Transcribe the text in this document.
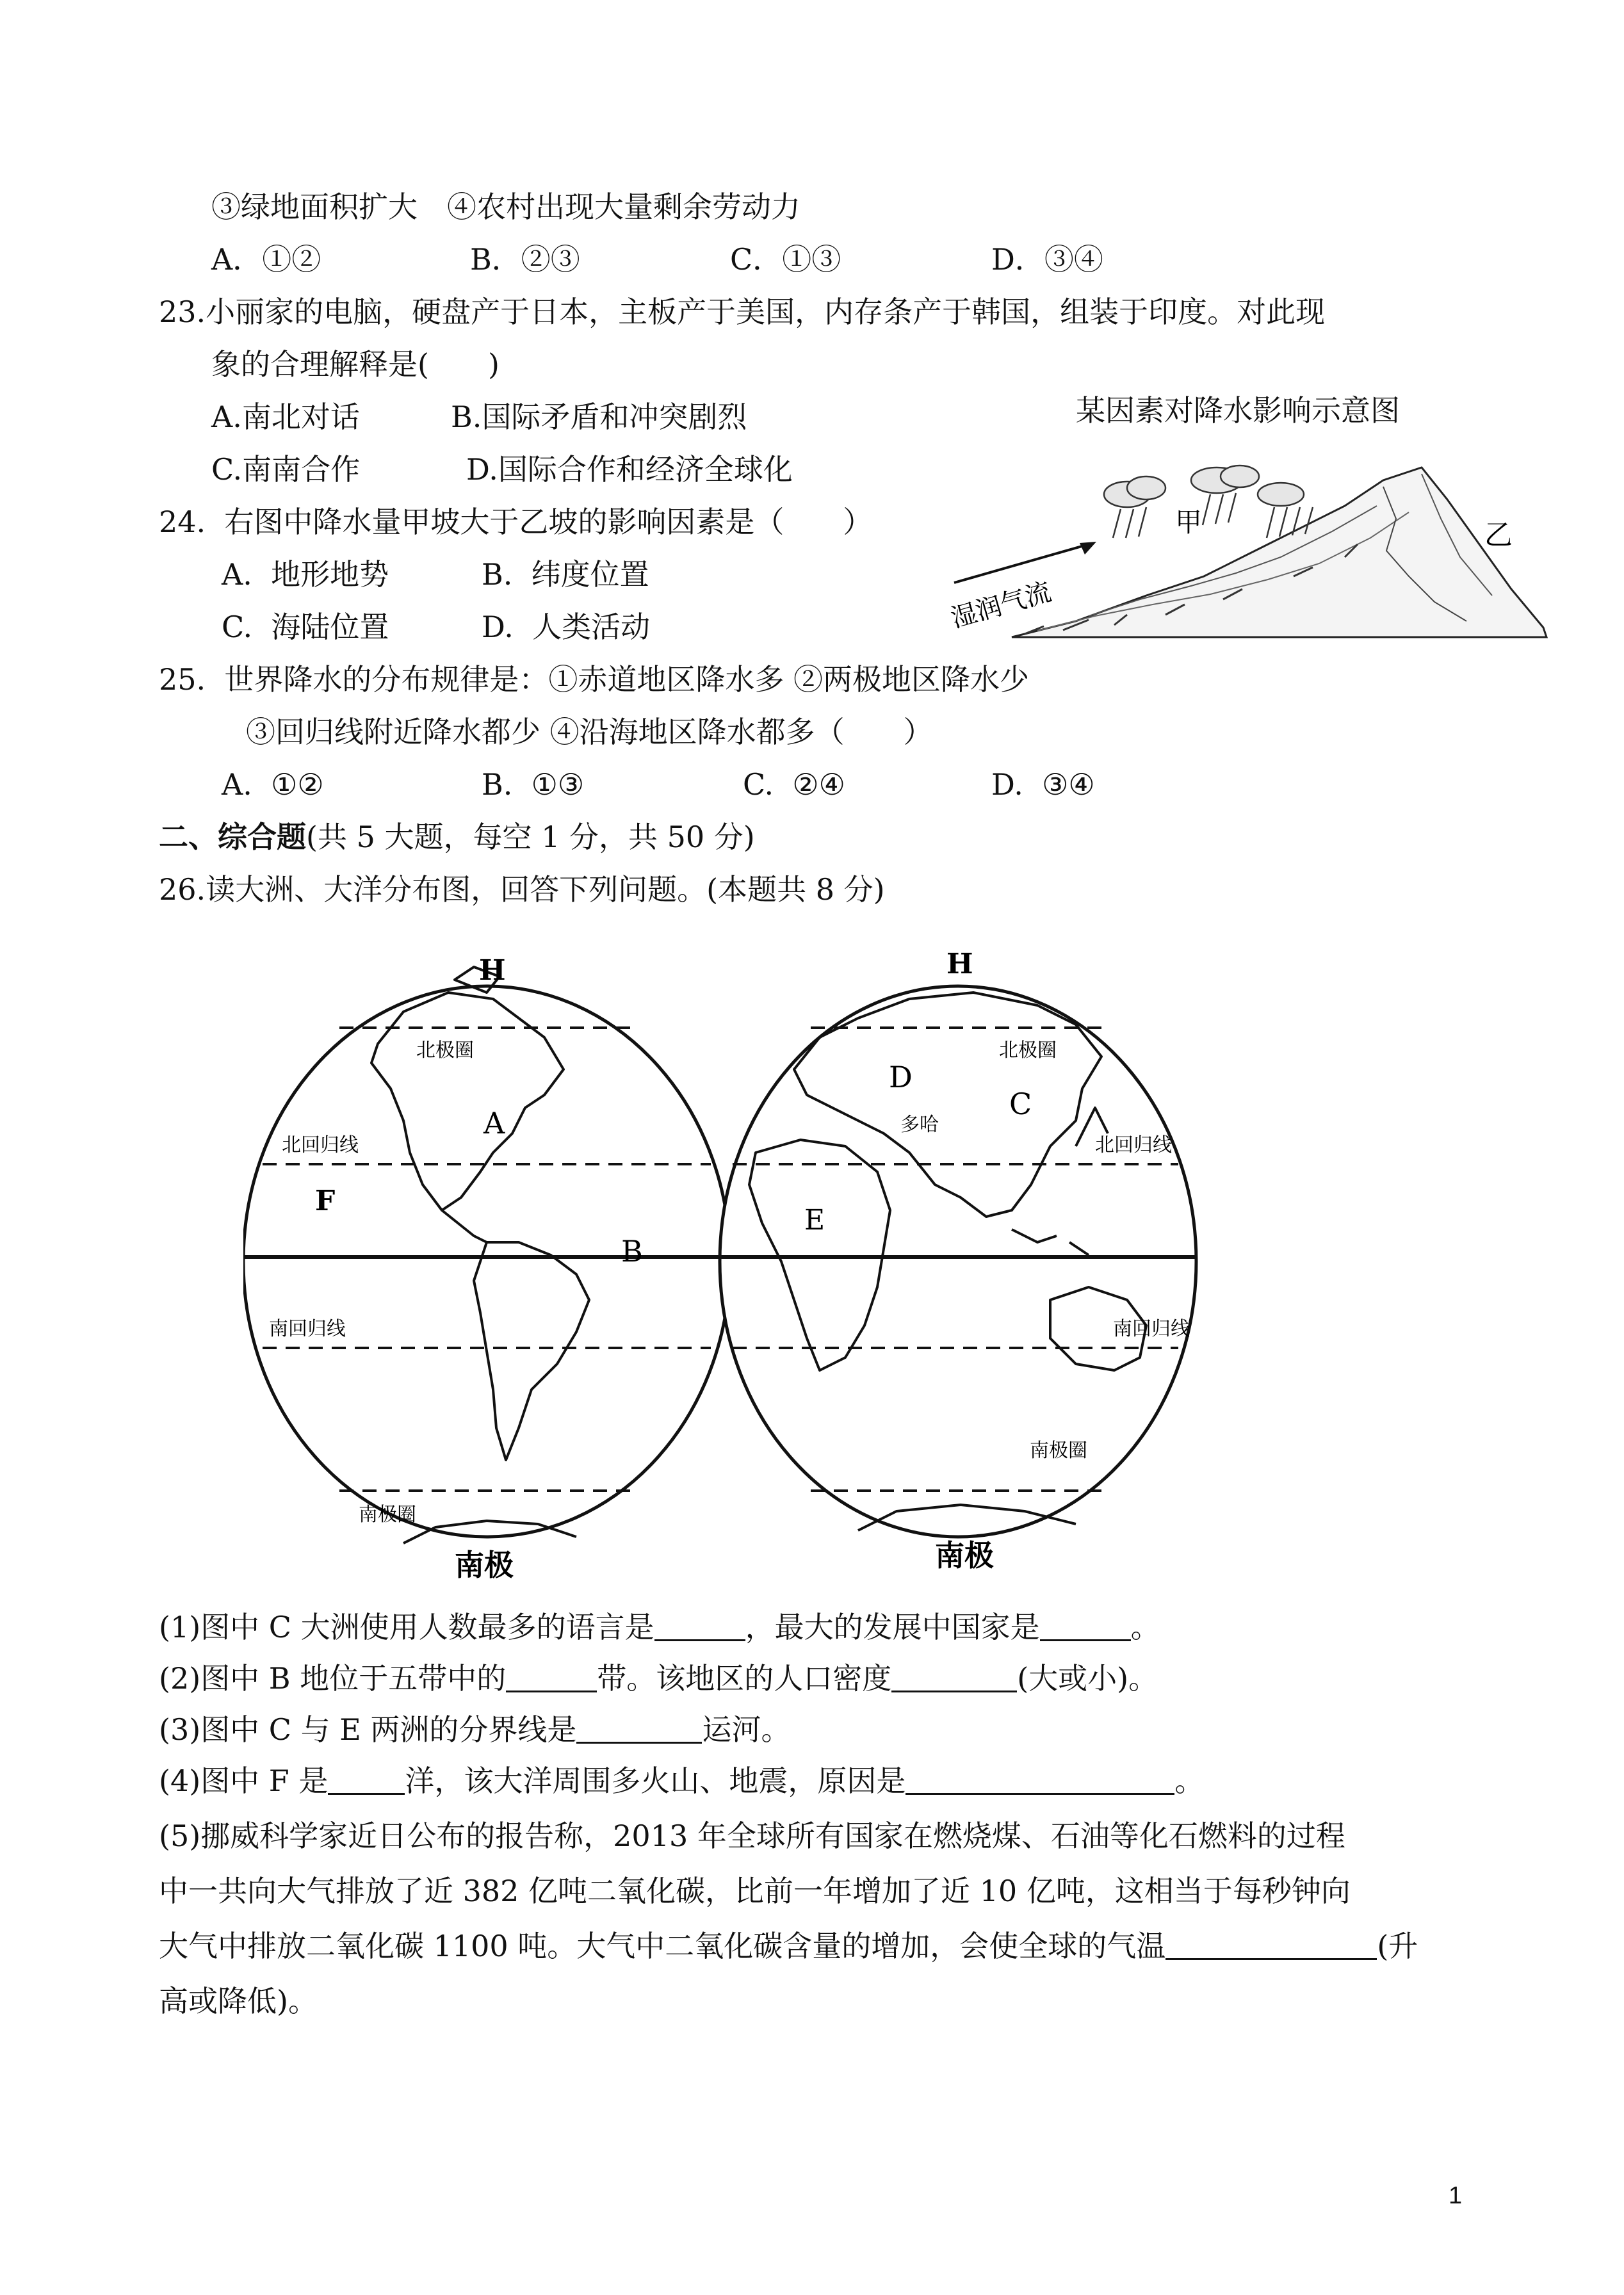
③绿地面积扩大　④农村出现大量剩余劳动力
A．①②	B．②③	C．①③	D．③④
23.小丽家的电脑，硬盘产于日本，主板产于美国，内存条产于韩国，组装于印度。对此现
象的合理解释是(　　)
A.南北对话	B.国际矛盾和冲突剧烈
C.南南合作	D.国际合作和经济全球化
24.  右图中降水量甲坡大于乙坡的影响因素是（　　）
A.  地形地势	B.  纬度位置
C.  海陆位置	D.  人类活动
某因素对降水影响示意图
湿润气流
甲	乙
25.  世界降水的分布规律是：①赤道地区降水多 ②两极地区降水少
③回归线附近降水都少 ④沿海地区降水都多（　　）
A.  ①②	B.  ①③	C.  ②④	D.  ③④
二、综合题(共 5 大题，每空 1 分，共 50 分)
26.读大洲、大洋分布图，回答下列问题。(本题共 8 分)
H	H
北极圈	北极圈
北回归线	北回归线
南回归线	南回归线
南极圈
南极圈
A
B
C
D
E
F
多哈
南极	南极
(1)图中 C 大洲使用人数最多的语言是	，最大的发展中国家是	。
(2)图中 B 地位于五带中的	带。该地区的人口密度	(大或小)。
(3)图中 C 与 E 两洲的分界线是	运河。
(4)图中 F 是	洋，该大洋周围多火山、地震，原因是	。
(5)挪威科学家近日公布的报告称，2013 年全球所有国家在燃烧煤、石油等化石燃料的过程
中一共向大气排放了近 382 亿吨二氧化碳，比前一年增加了近 10 亿吨，这相当于每秒钟向
大气中排放二氧化碳 1100 吨。大气中二氧化碳含量的增加，会使全球的气温	(升
高或降低)。
1
